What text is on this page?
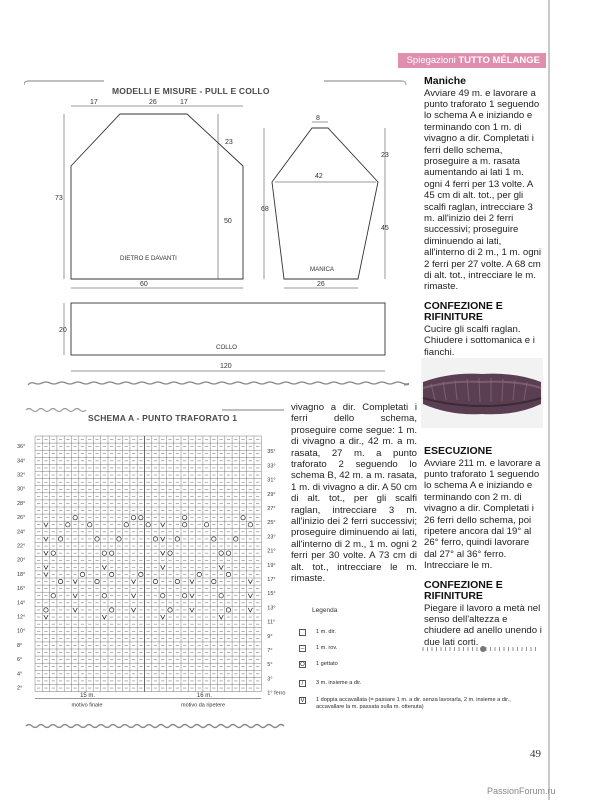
Spiegazioni TUTTO MÉLANGE
MODELLI E MISURE - PULL E COLLO
17	26	17
23
73
50
60
DIETRO E DAVANTI
8
42
23
68
45
26
MANICA
20
COLLO
120
SCHEMA A - PUNTO TRAFORATO 1
36°
34°
32°
30°
28°
26°
24°
22°
20°
18°
16°
14°
12°
10°
8°
6°
4°
2°
35°
33°
31°
29°
27°
25°
23°
21°
19°
17°
15°
13°
11°
9°
7°
5°
3°
1° ferro
15 m.	16 m.
motivo finale	motivo da ripetere
vivagno a dir. Completati i ferri dello schema, proseguire come segue: 1 m. di vivagno a dir., 42 m. a m. rasata, 27 m. a punto traforato 2 seguendo lo schema B, 42 m. a m. rasata, 1 m. di vivagno a dir. A 50 cm di alt. tot., per gli scalfi raglan, intrecciare 3 m. all'inizio dei 2 ferri successivi; proseguire diminuendo ai lati, all'interno di 2 m., 1 m. ogni 2 ferri per 30 volte. A 73 cm di alt. tot., intrecciare le m. rimaste.
Legenda
1 m. dir.
–	1 m. rov.
O 1 gettato
/	3 m. insieme a dir.
V 1 doppia accavallata (= passare 1 m. a dir. senza lavorarla, 2 m. insieme a dir., accavallare la m. passata sulla m. ottenuta)

Maniche

Avviare 49 m. e lavorare a punto traforato 1 seguendo lo schema A e iniziando e terminando con 1 m. di vivagno a dir. Completati i ferri dello schema, proseguire a m. rasata aumentando ai lati 1 m. ogni 4 ferri per 13 volte. A 45 cm di alt. tot., per gli scalfi raglan, intrecciare 3 m. all'inizio dei 2 ferri successivi; proseguire diminuendo ai lati, all'interno di 2 m., 1 m. ogni 2 ferri per 27 volte. A 68 cm di alt. tot., intrecciare le m. rimaste.

CONFEZIONE E RIFINITURE

Cucire gli scalfi raglan. Chiudere i sottomanica e i fianchi.

ESECUZIONE

Avviare 211 m. e lavorare a punto traforato 1 seguendo lo schema A e iniziando e terminando con 2 m. di vivagno a dir. Completati i 26 ferri dello schema, poi ripetere ancora dal 19° al 26° ferro, quindi lavorare dal 27° al 36° ferro. Intrecciare le m.

CONFEZIONE E RIFINITURE

Piegare il lavoro a metà nel senso dell'altezza e chiudere ad anello unendo i due lati corti.

49
PassionForum.ru
